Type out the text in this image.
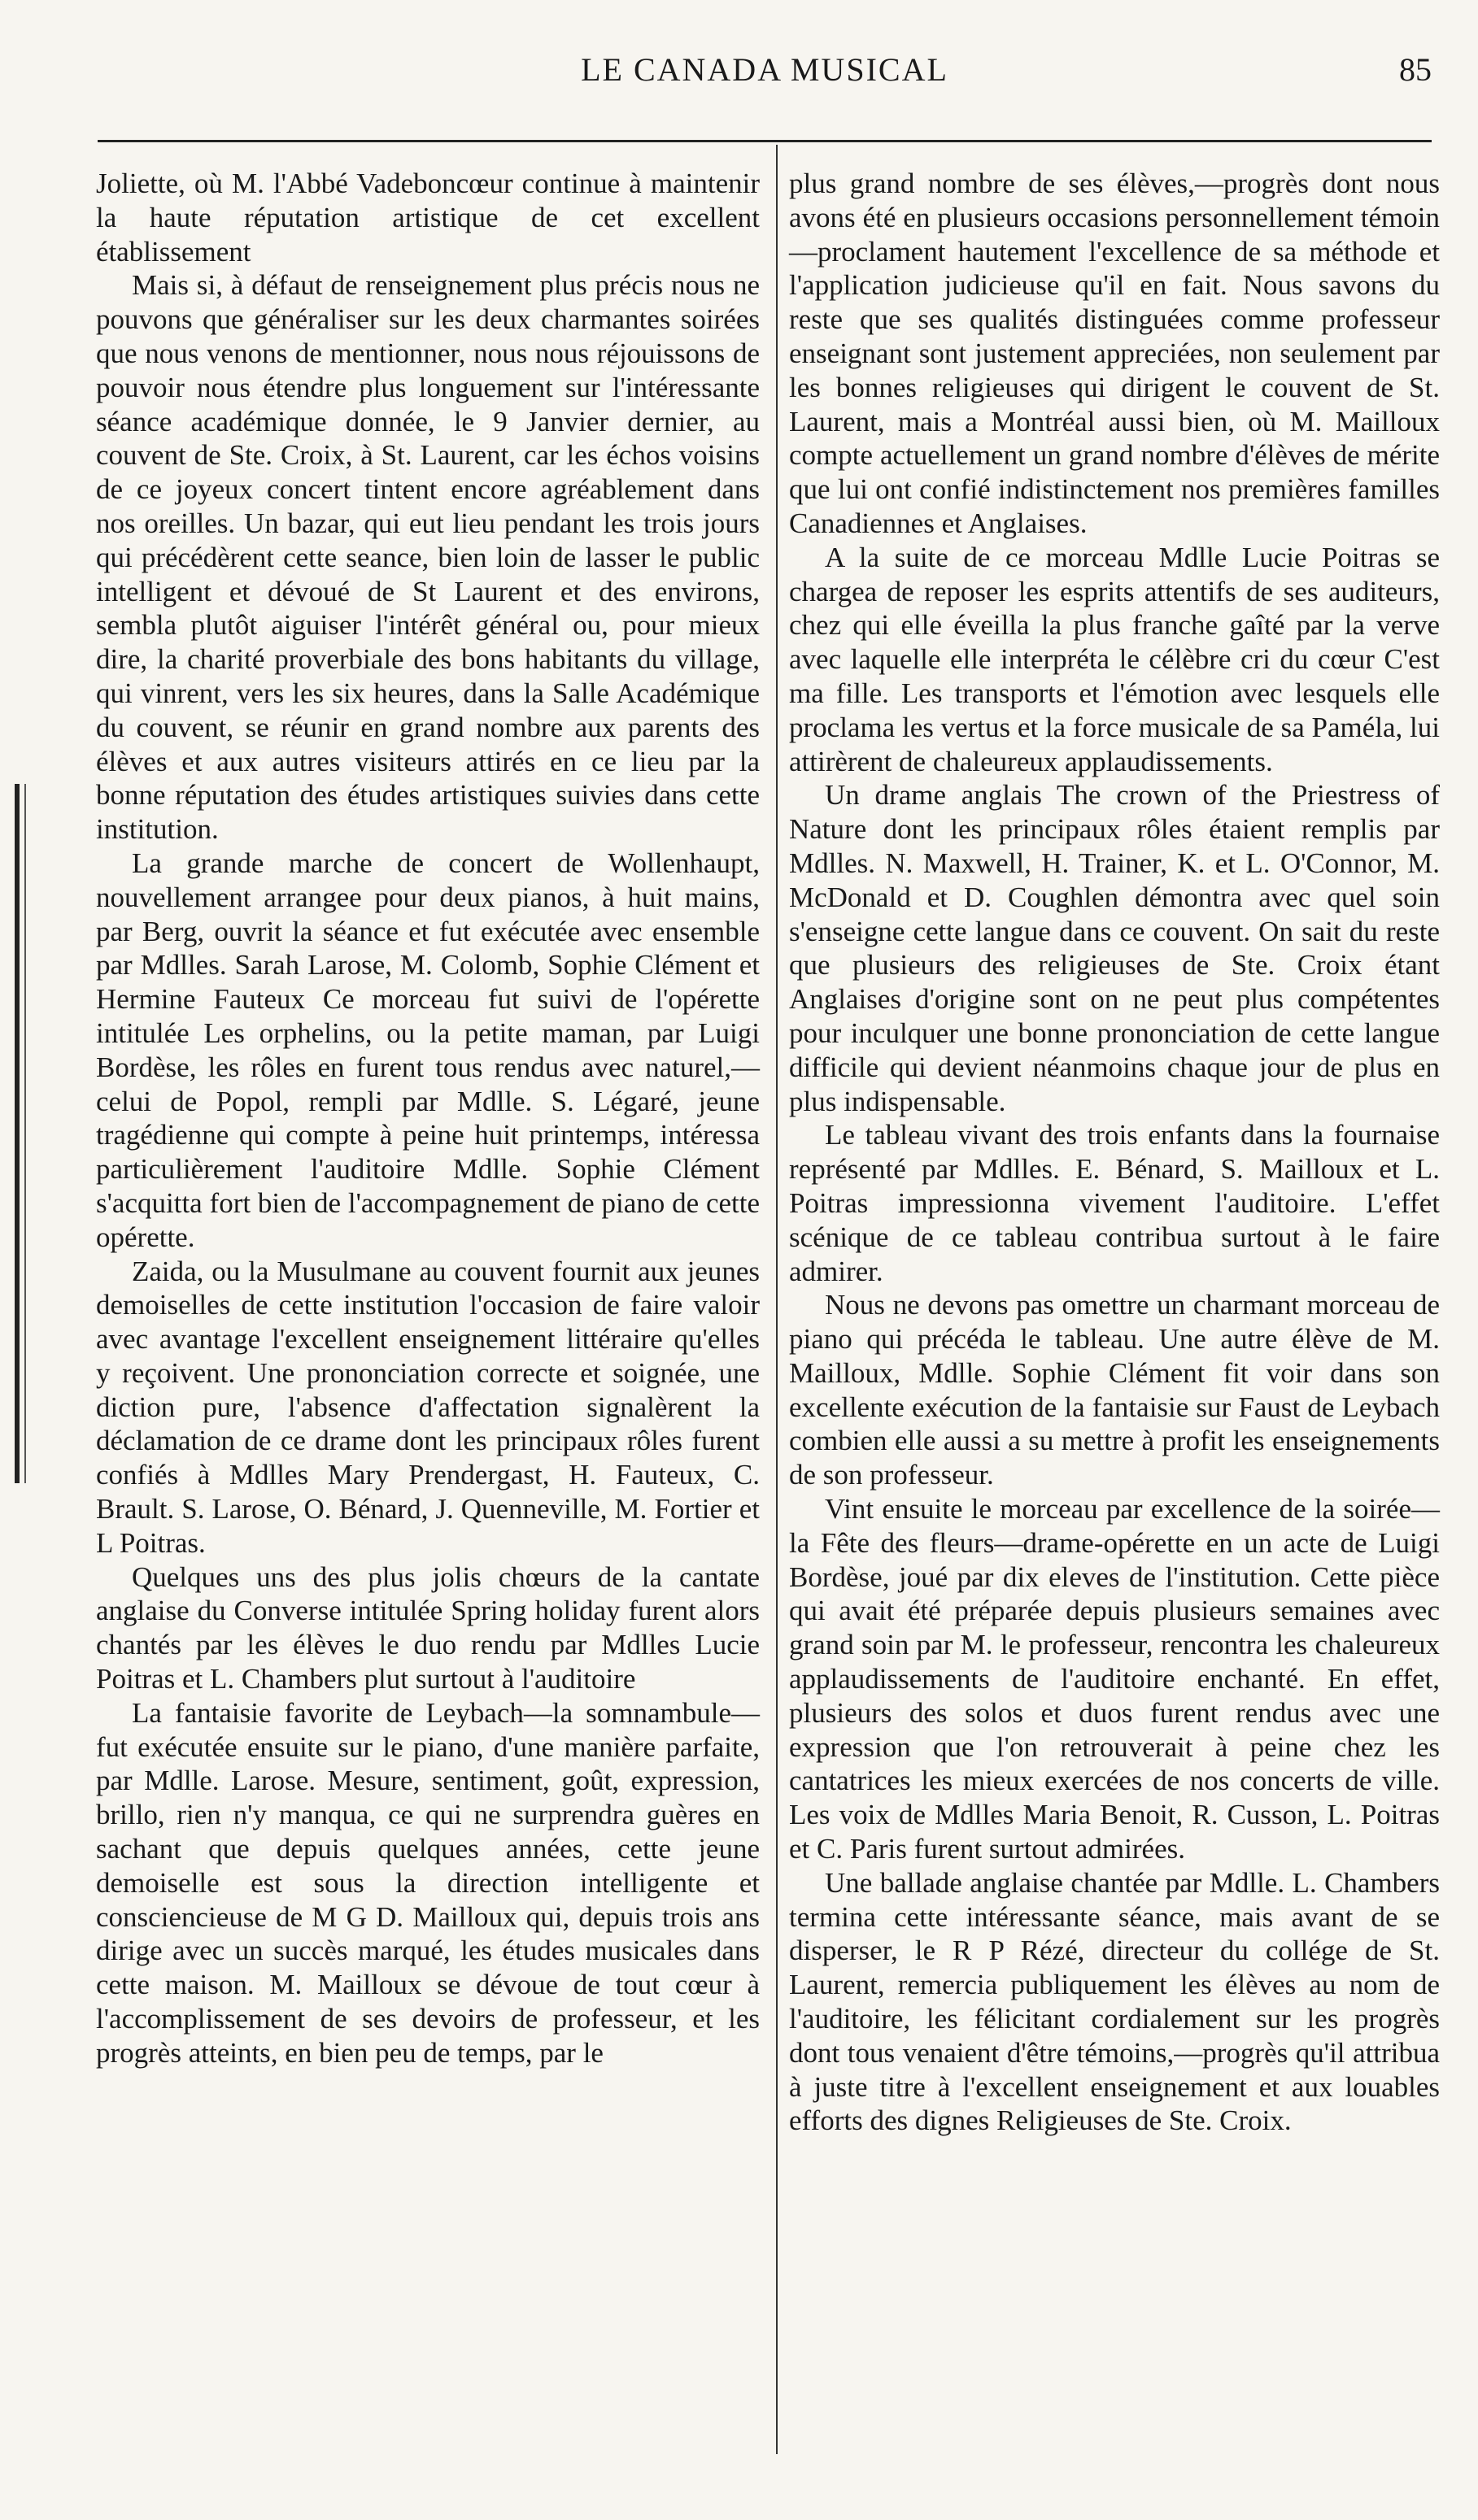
LE CANADA MUSICAL	85

Joliette, où M. l'Abbé Vadeboncœur continue à maintenir la haute réputation artistique de cet excellent établissement

Mais si, à défaut de renseignement plus précis nous ne pouvons que généraliser sur les deux charmantes soirées que nous venons de mentionner, nous nous réjouissons de pouvoir nous étendre plus longuement sur l'intéressante séance académique donnée, le 9 Janvier dernier, au couvent de Ste. Croix, à St. Laurent, car les échos voisins de ce joyeux concert tintent encore agréablement dans nos oreilles. Un bazar, qui eut lieu pendant les trois jours qui précédèrent cette seance, bien loin de lasser le public intelligent et dévoué de St Laurent et des environs, sembla plutôt aiguiser l'intérêt général ou, pour mieux dire, la charité proverbiale des bons habitants du village, qui vinrent, vers les six heures, dans la Salle Académique du couvent, se réunir en grand nombre aux parents des élèves et aux autres visiteurs attirés en ce lieu par la bonne réputation des études artistiques suivies dans cette institution.

La grande marche de concert de Wollenhaupt, nouvellement arrangee pour deux pianos, à huit mains, par Berg, ouvrit la séance et fut exécutée avec ensemble par Mdlles. Sarah Larose, M. Colomb, Sophie Clément et Hermine Fauteux Ce morceau fut suivi de l'opérette intitulée Les orphelins, ou la petite maman, par Luigi Bordèse, les rôles en furent tous rendus avec naturel,—celui de Popol, rempli par Mdlle. S. Légaré, jeune tragédienne qui compte à peine huit printemps, intéressa particulièrement l'auditoire Mdlle. Sophie Clément s'acquitta fort bien de l'accompagnement de piano de cette opérette.

Zaida, ou la Musulmane au couvent fournit aux jeunes demoiselles de cette institution l'occasion de faire valoir avec avantage l'excellent enseignement littéraire qu'elles y reçoivent. Une prononciation correcte et soignée, une diction pure, l'absence d'affectation signalèrent la déclamation de ce drame dont les principaux rôles furent confiés à Mdlles Mary Prendergast, H. Fauteux, C. Brault. S. Larose, O. Bénard, J. Quenneville, M. Fortier et L Poitras.

Quelques uns des plus jolis chœurs de la cantate anglaise du Converse intitulée Spring holiday furent alors chantés par les élèves le duo rendu par Mdlles Lucie Poitras et L. Chambers plut surtout à l'auditoire

La fantaisie favorite de Leybach—la somnambule—fut exécutée ensuite sur le piano, d'une manière parfaite, par Mdlle. Larose. Mesure, sentiment, goût, expression, brillo, rien n'y manqua, ce qui ne surprendra guères en sachant que depuis quelques années, cette jeune demoiselle est sous la direction intelligente et consciencieuse de M G D. Mailloux qui, depuis trois ans dirige avec un succès marqué, les études musicales dans cette maison. M. Mailloux se dévoue de tout cœur à l'accomplissement de ses devoirs de professeur, et les progrès atteints, en bien peu de temps, par le

plus grand nombre de ses élèves,—progrès dont nous avons été en plusieurs occasions personnellement témoin—proclament hautement l'excellence de sa méthode et l'application judicieuse qu'il en fait. Nous savons du reste que ses qualités distinguées comme professeur enseignant sont justement appreciées, non seulement par les bonnes religieuses qui dirigent le couvent de St. Laurent, mais a Montréal aussi bien, où M. Mailloux compte actuellement un grand nombre d'élèves de mérite que lui ont confié indistinctement nos premières familles Canadiennes et Anglaises.

A la suite de ce morceau Mdlle Lucie Poitras se chargea de reposer les esprits attentifs de ses auditeurs, chez qui elle éveilla la plus franche gaîté par la verve avec laquelle elle interpréta le célèbre cri du cœur C'est ma fille. Les transports et l'émotion avec lesquels elle proclama les vertus et la force musicale de sa Paméla, lui attirèrent de chaleureux applaudissements.

Un drame anglais The crown of the Priestress of Nature dont les principaux rôles étaient remplis par Mdlles. N. Maxwell, H. Trainer, K. et L. O'Connor, M. McDonald et D. Coughlen démontra avec quel soin s'enseigne cette langue dans ce couvent. On sait du reste que plusieurs des religieuses de Ste. Croix étant Anglaises d'origine sont on ne peut plus compétentes pour inculquer une bonne prononciation de cette langue difficile qui devient néanmoins chaque jour de plus en plus indispensable.

Le tableau vivant des trois enfants dans la fournaise représenté par Mdlles. E. Bénard, S. Mailloux et L. Poitras impressionna vivement l'auditoire. L'effet scénique de ce tableau contribua surtout à le faire admirer.

Nous ne devons pas omettre un charmant morceau de piano qui précéda le tableau. Une autre élève de M. Mailloux, Mdlle. Sophie Clément fit voir dans son excellente exécution de la fantaisie sur Faust de Leybach combien elle aussi a su mettre à profit les enseignements de son professeur.

Vint ensuite le morceau par excellence de la soirée—la Fête des fleurs—drame-opérette en un acte de Luigi Bordèse, joué par dix eleves de l'institution. Cette pièce qui avait été préparée depuis plusieurs semaines avec grand soin par M. le professeur, rencontra les chaleureux applaudissements de l'auditoire enchanté. En effet, plusieurs des solos et duos furent rendus avec une expression que l'on retrouverait à peine chez les cantatrices les mieux exercées de nos concerts de ville. Les voix de Mdlles Maria Benoit, R. Cusson, L. Poitras et C. Paris furent surtout admirées.

Une ballade anglaise chantée par Mdlle. L. Chambers termina cette intéressante séance, mais avant de se disperser, le R P Rézé, directeur du collége de St. Laurent, remercia publiquement les élèves au nom de l'auditoire, les félicitant cordialement sur les progrès dont tous venaient d'être témoins,—progrès qu'il attribua à juste titre à l'excellent enseignement et aux louables efforts des dignes Religieuses de Ste. Croix.
